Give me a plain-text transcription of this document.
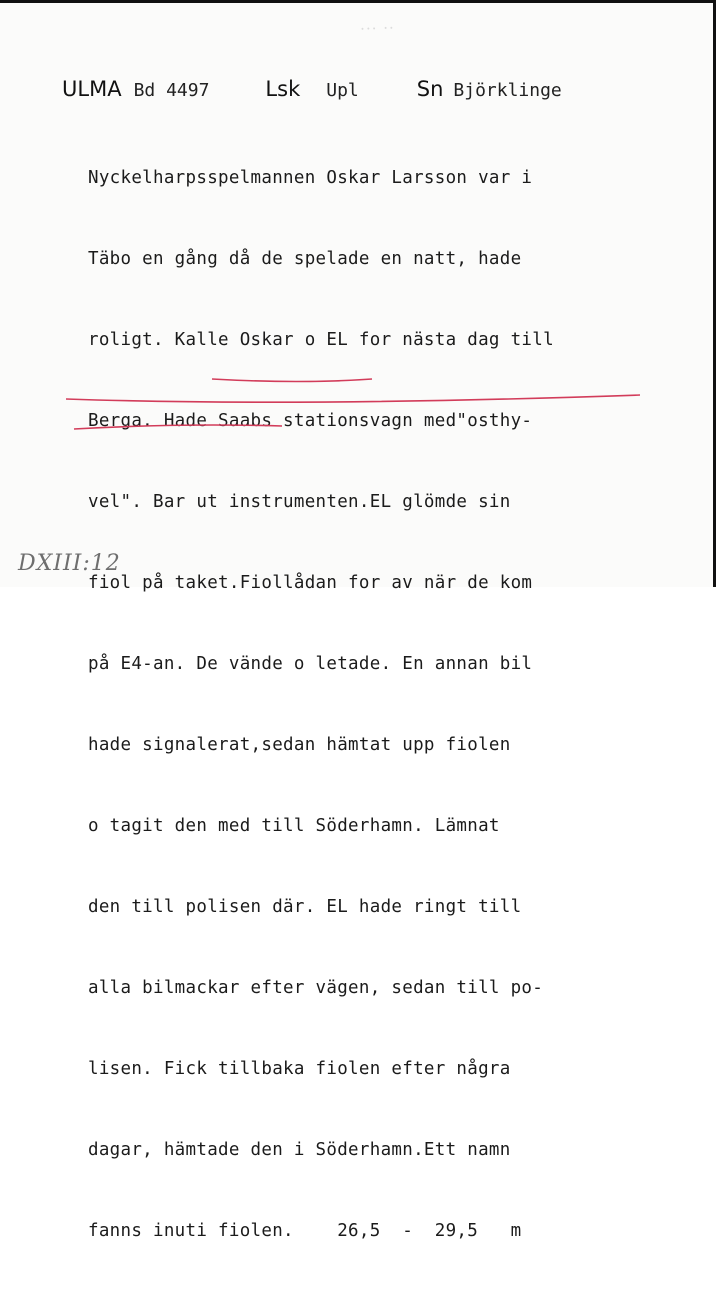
... ..
ULMA Bd 4497	Lsk Upl	Sn Björklinge

Nyckelharpsspelmannen Oskar Larsson var i

Täbo en gång då de spelade en natt, hade

roligt. Kalle Oskar o EL for nästa dag till

Berga. Hade Saabs stationsvagn med"osthy-

vel". Bar ut instrumenten.EL glömde sin

fiol på taket.Fiollådan for av när de kom

på E4-an. De vände o letade. En annan bil

hade signalerat,sedan hämtat upp fiolen

o tagit den med till Söderhamn. Lämnat

den till polisen där. EL hade ringt till

alla bilmackar efter vägen, sedan till po-

lisen. Fick tillbaka fiolen efter några

dagar, hämtade den i Söderhamn.Ett namn

fanns inuti fiolen.    26,5  -  29,5   m

DXIII:12
